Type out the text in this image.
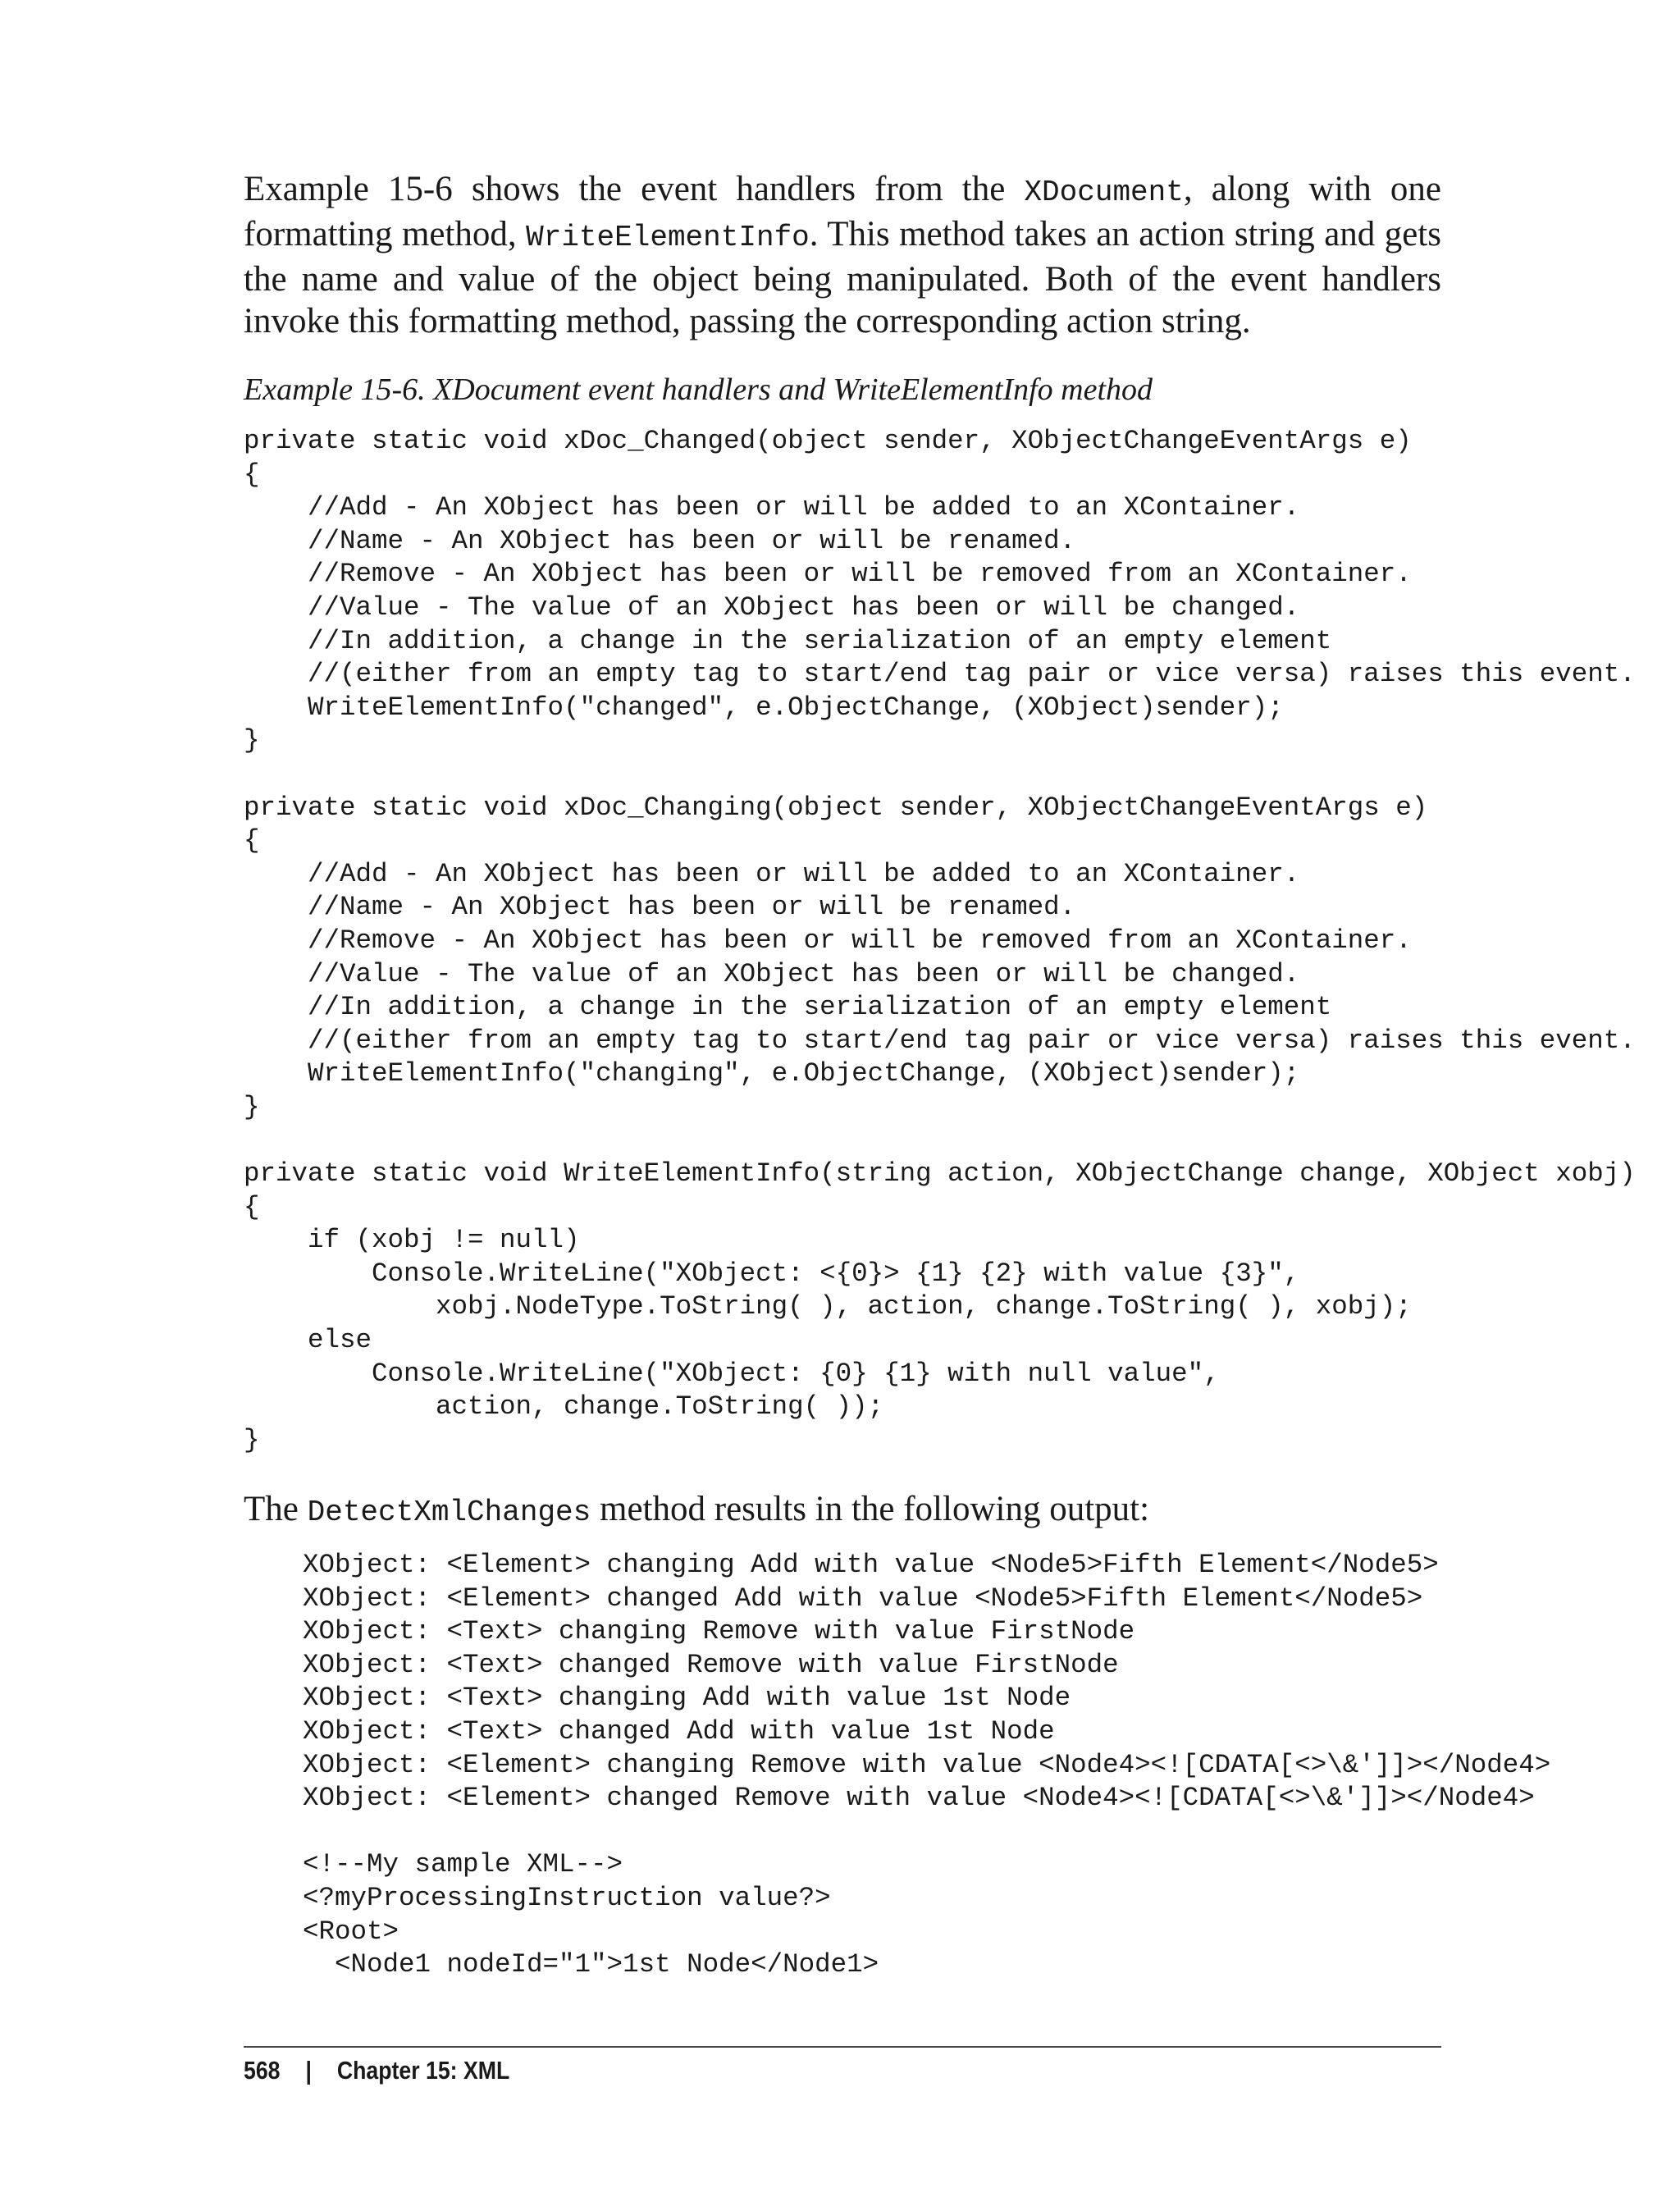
Example 15-6 shows the event handlers from the XDocument, along with one formatting method, WriteElementInfo. This method takes an action string and gets the name and value of the object being manipulated. Both of the event handlers invoke this formatting method, passing the corresponding action string.

Example 15-6. XDocument event handlers and WriteElementInfo method

private static void xDoc_Changed(object sender, XObjectChangeEventArgs e)
{
//Add - An XObject has been or will be added to an XContainer.
//Name - An XObject has been or will be renamed.
//Remove - An XObject has been or will be removed from an XContainer.
//Value - The value of an XObject has been or will be changed.
//In addition, a change in the serialization of an empty element
//(either from an empty tag to start/end tag pair or vice versa) raises this event.
WriteElementInfo("changed", e.ObjectChange, (XObject)sender);
}

private static void xDoc_Changing(object sender, XObjectChangeEventArgs e)
{
//Add - An XObject has been or will be added to an XContainer.
//Name - An XObject has been or will be renamed.
//Remove - An XObject has been or will be removed from an XContainer.
//Value - The value of an XObject has been or will be changed.
//In addition, a change in the serialization of an empty element
//(either from an empty tag to start/end tag pair or vice versa) raises this event.
WriteElementInfo("changing", e.ObjectChange, (XObject)sender);
}

private static void WriteElementInfo(string action, XObjectChange change, XObject xobj)
{
if (xobj != null)
Console.WriteLine("XObject: <{0}> {1} {2} with value {3}",
xobj.NodeType.ToString( ), action, change.ToString( ), xobj);
else
Console.WriteLine("XObject: {0} {1} with null value",
action, change.ToString( ));
}

The DetectXmlChanges method results in the following output:

XObject: <Element> changing Add with value <Node5>Fifth Element</Node5>
XObject: <Element> changed Add with value <Node5>Fifth Element</Node5>
XObject: <Text> changing Remove with value FirstNode
XObject: <Text> changed Remove with value FirstNode
XObject: <Text> changing Add with value 1st Node
XObject: <Text> changed Add with value 1st Node
XObject: <Element> changing Remove with value <Node4><![CDATA[<>\&']]></Node4>
XObject: <Element> changed Remove with value <Node4><![CDATA[<>\&']]></Node4>

<!--My sample XML-->
<?myProcessingInstruction value?>
<Root>
<Node1 nodeId="1">1st Node</Node1>
568 | Chapter 15: XML
